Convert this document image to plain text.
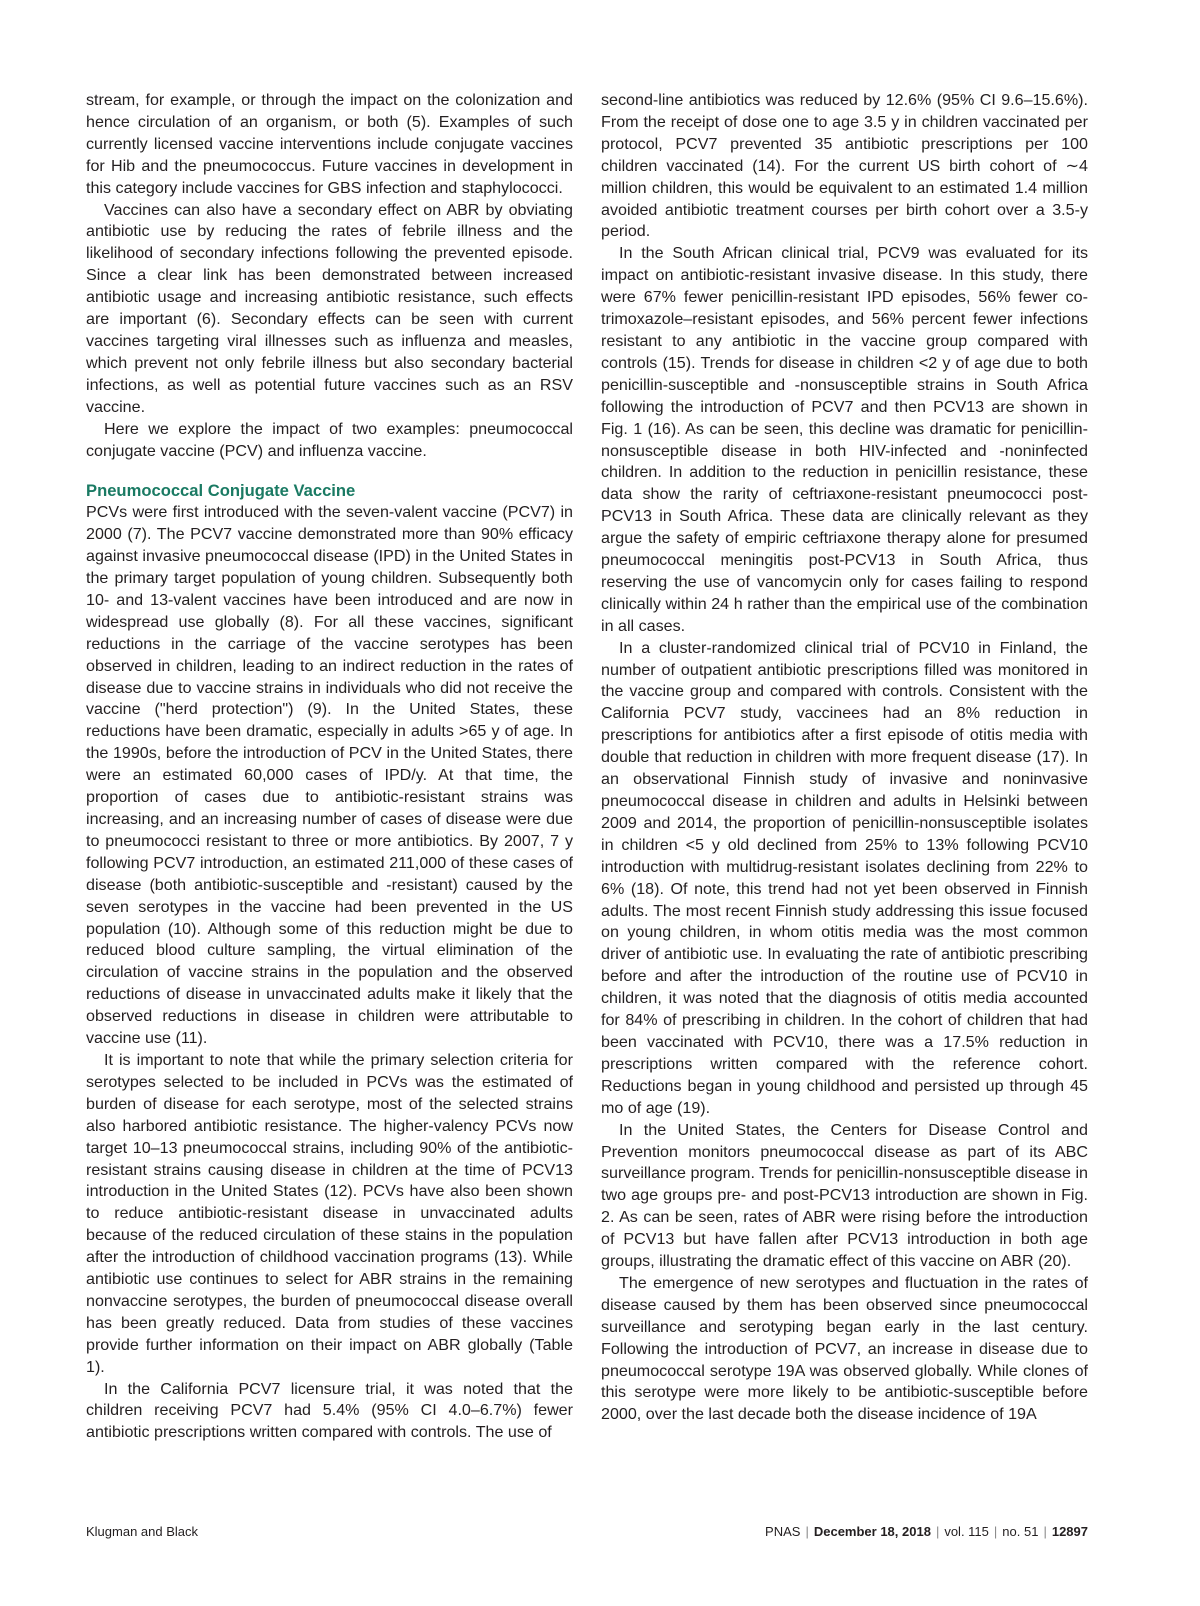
stream, for example, or through the impact on the colonization and hence circulation of an organism, or both (5). Examples of such currently licensed vaccine interventions include conjugate vaccines for Hib and the pneumococcus. Future vaccines in development in this category include vaccines for GBS infection and staphylococci.

Vaccines can also have a secondary effect on ABR by obviating antibiotic use by reducing the rates of febrile illness and the likelihood of secondary infections following the prevented episode. Since a clear link has been demonstrated between increased antibiotic usage and increasing antibiotic resistance, such effects are important (6). Secondary effects can be seen with current vaccines targeting viral illnesses such as influenza and measles, which prevent not only febrile illness but also secondary bacterial infections, as well as potential future vaccines such as an RSV vaccine.

Here we explore the impact of two examples: pneumococcal conjugate vaccine (PCV) and influenza vaccine.

Pneumococcal Conjugate Vaccine

PCVs were first introduced with the seven-valent vaccine (PCV7) in 2000 (7). The PCV7 vaccine demonstrated more than 90% efficacy against invasive pneumococcal disease (IPD) in the United States in the primary target population of young children. Subsequently both 10- and 13-valent vaccines have been introduced and are now in widespread use globally (8). For all these vaccines, significant reductions in the carriage of the vaccine serotypes has been observed in children, leading to an indirect reduction in the rates of disease due to vaccine strains in individuals who did not receive the vaccine ("herd protection") (9). In the United States, these reductions have been dramatic, especially in adults >65 y of age. In the 1990s, before the introduction of PCV in the United States, there were an estimated 60,000 cases of IPD/y. At that time, the proportion of cases due to antibiotic-resistant strains was increasing, and an increasing number of cases of disease were due to pneumococci resistant to three or more antibiotics. By 2007, 7 y following PCV7 introduction, an estimated 211,000 of these cases of disease (both antibiotic-susceptible and -resistant) caused by the seven serotypes in the vaccine had been prevented in the US population (10). Although some of this reduction might be due to reduced blood culture sampling, the virtual elimination of the circulation of vaccine strains in the population and the observed reductions of disease in unvaccinated adults make it likely that the observed reductions in disease in children were attributable to vaccine use (11).

It is important to note that while the primary selection criteria for serotypes selected to be included in PCVs was the estimated of burden of disease for each serotype, most of the selected strains also harbored antibiotic resistance. The higher-valency PCVs now target 10–13 pneumococcal strains, including 90% of the antibiotic-resistant strains causing disease in children at the time of PCV13 introduction in the United States (12). PCVs have also been shown to reduce antibiotic-resistant disease in unvaccinated adults because of the reduced circulation of these stains in the population after the introduction of childhood vaccination programs (13). While antibiotic use continues to select for ABR strains in the remaining nonvaccine serotypes, the burden of pneumococcal disease overall has been greatly reduced. Data from studies of these vaccines provide further information on their impact on ABR globally (Table 1).

In the California PCV7 licensure trial, it was noted that the children receiving PCV7 had 5.4% (95% CI 4.0–6.7%) fewer antibiotic prescriptions written compared with controls. The use of

second-line antibiotics was reduced by 12.6% (95% CI 9.6–15.6%). From the receipt of dose one to age 3.5 y in children vaccinated per protocol, PCV7 prevented 35 antibiotic prescriptions per 100 children vaccinated (14). For the current US birth cohort of ∼4 million children, this would be equivalent to an estimated 1.4 million avoided antibiotic treatment courses per birth cohort over a 3.5-y period.

In the South African clinical trial, PCV9 was evaluated for its impact on antibiotic-resistant invasive disease. In this study, there were 67% fewer penicillin-resistant IPD episodes, 56% fewer co-trimoxazole–resistant episodes, and 56% percent fewer infections resistant to any antibiotic in the vaccine group compared with controls (15). Trends for disease in children <2 y of age due to both penicillin-susceptible and -nonsusceptible strains in South Africa following the introduction of PCV7 and then PCV13 are shown in Fig. 1 (16). As can be seen, this decline was dramatic for penicillin-nonsusceptible disease in both HIV-infected and -noninfected children. In addition to the reduction in penicillin resistance, these data show the rarity of ceftriaxone-resistant pneumococci post-PCV13 in South Africa. These data are clinically relevant as they argue the safety of empiric ceftriaxone therapy alone for presumed pneumococcal meningitis post-PCV13 in South Africa, thus reserving the use of vancomycin only for cases failing to respond clinically within 24 h rather than the empirical use of the combination in all cases.

In a cluster-randomized clinical trial of PCV10 in Finland, the number of outpatient antibiotic prescriptions filled was monitored in the vaccine group and compared with controls. Consistent with the California PCV7 study, vaccinees had an 8% reduction in prescriptions for antibiotics after a first episode of otitis media with double that reduction in children with more frequent disease (17). In an observational Finnish study of invasive and noninvasive pneumococcal disease in children and adults in Helsinki between 2009 and 2014, the proportion of penicillin-nonsusceptible isolates in children <5 y old declined from 25% to 13% following PCV10 introduction with multidrug-resistant isolates declining from 22% to 6% (18). Of note, this trend had not yet been observed in Finnish adults. The most recent Finnish study addressing this issue focused on young children, in whom otitis media was the most common driver of antibiotic use. In evaluating the rate of antibiotic prescribing before and after the introduction of the routine use of PCV10 in children, it was noted that the diagnosis of otitis media accounted for 84% of prescribing in children. In the cohort of children that had been vaccinated with PCV10, there was a 17.5% reduction in prescriptions written compared with the reference cohort. Reductions began in young childhood and persisted up through 45 mo of age (19).

In the United States, the Centers for Disease Control and Prevention monitors pneumococcal disease as part of its ABC surveillance program. Trends for penicillin-nonsusceptible disease in two age groups pre- and post-PCV13 introduction are shown in Fig. 2. As can be seen, rates of ABR were rising before the introduction of PCV13 but have fallen after PCV13 introduction in both age groups, illustrating the dramatic effect of this vaccine on ABR (20).

The emergence of new serotypes and fluctuation in the rates of disease caused by them has been observed since pneumococcal surveillance and serotyping began early in the last century. Following the introduction of PCV7, an increase in disease due to pneumococcal serotype 19A was observed globally. While clones of this serotype were more likely to be antibiotic-susceptible before 2000, over the last decade both the disease incidence of 19A

Klugman and Black	PNAS | December 18, 2018 | vol. 115 | no. 51 | 12897
